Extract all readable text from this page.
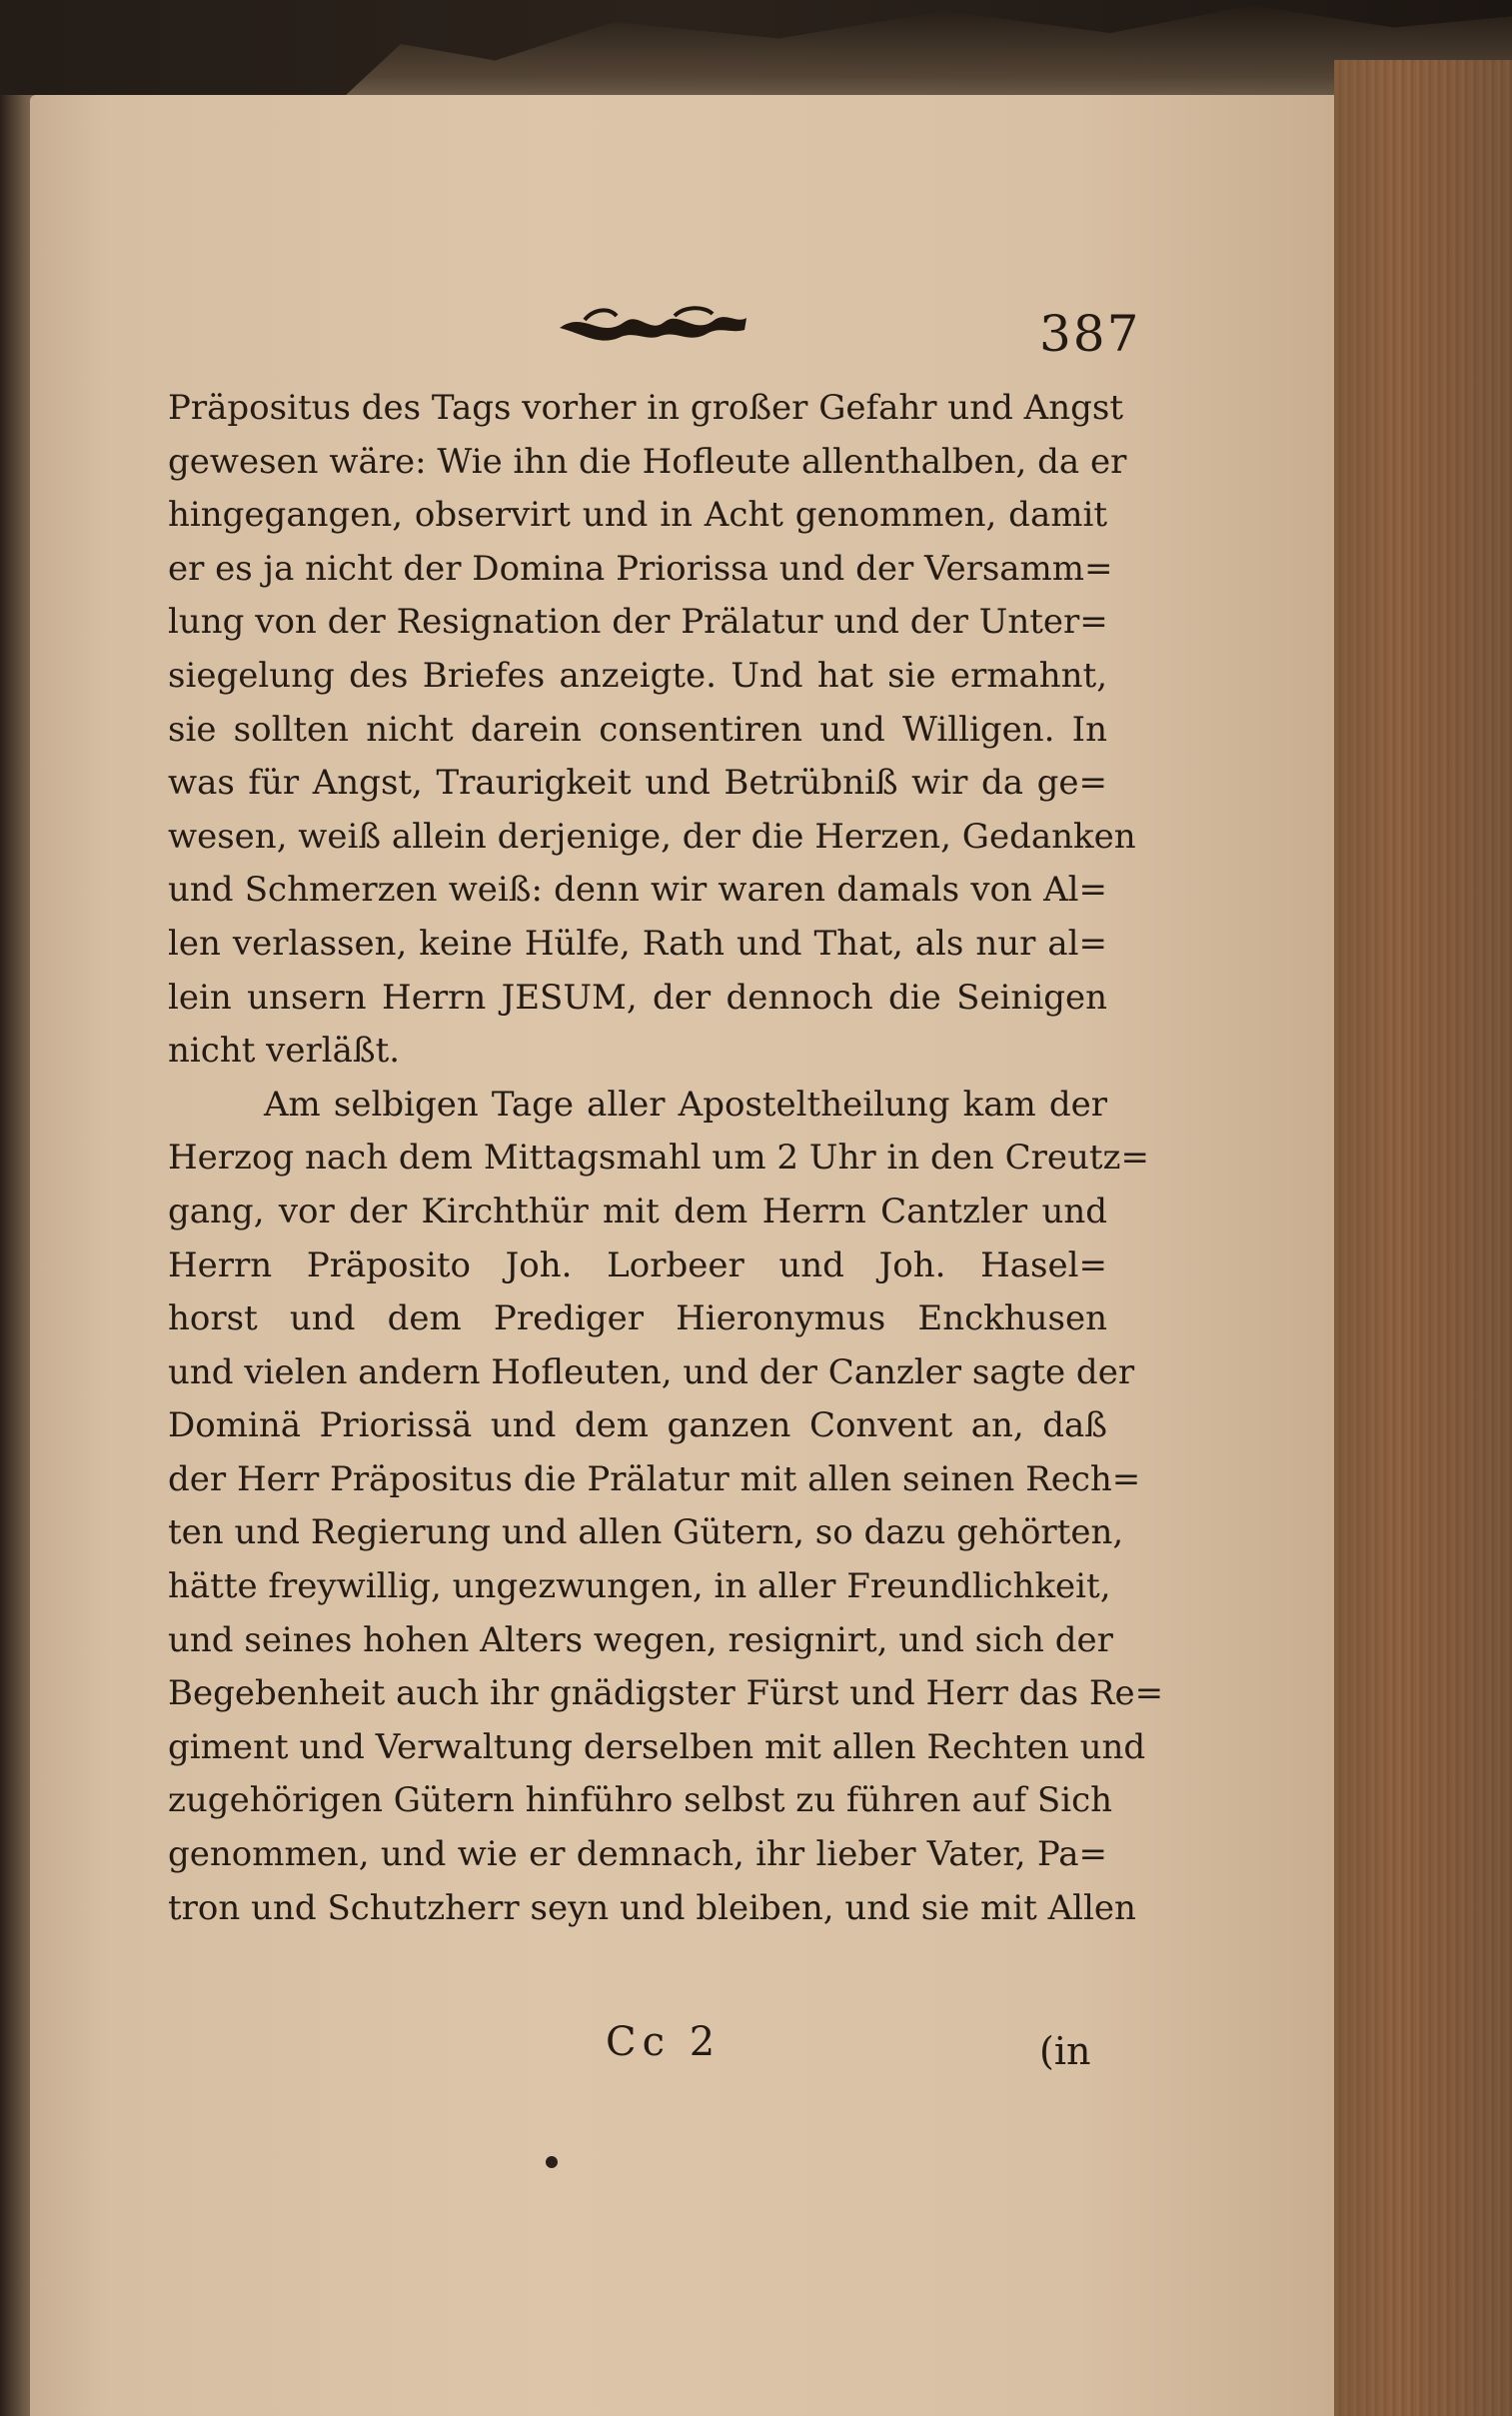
387
Präpositus des Tags vorher in großer Gefahr und Angst
gewesen wäre: Wie ihn die Hofleute allenthalben, da er
hingegangen, observirt und in Acht genommen, damit
er es ja nicht der Domina Priorissa und der Versamm=
lung von der Resignation der Prälatur und der Unter=
siegelung des Briefes anzeigte. Und hat sie ermahnt,
sie sollten nicht darein consentiren und Willigen. In
was für Angst, Traurigkeit und Betrübniß wir da ge=
wesen, weiß allein derjenige, der die Herzen, Gedanken
und Schmerzen weiß: denn wir waren damals von Al=
len verlassen, keine Hülfe, Rath und That, als nur al=
lein unsern Herrn JESUM, der dennoch die Seinigen
nicht verläßt.
Am selbigen Tage aller Aposteltheilung kam der
Herzog nach dem Mittagsmahl um 2 Uhr in den Creutz=
gang, vor der Kirchthür mit dem Herrn Cantzler und
Herrn Präposito Joh. Lorbeer und Joh. Hasel=
horst und dem Prediger Hieronymus Enckhusen
und vielen andern Hofleuten, und der Canzler sagte der
Dominä Priorissä und dem ganzen Convent an, daß
der Herr Präpositus die Prälatur mit allen seinen Rech=
ten und Regierung und allen Gütern, so dazu gehörten,
hätte freywillig, ungezwungen, in aller Freundlichkeit,
und seines hohen Alters wegen, resignirt, und sich der
Begebenheit auch ihr gnädigster Fürst und Herr das Re=
giment und Verwaltung derselben mit allen Rechten und
zugehörigen Gütern hinführo selbst zu führen auf Sich
genommen, und wie er demnach, ihr lieber Vater, Pa=
tron und Schutzherr seyn und bleiben, und sie mit Allen
Cc 2	(in
